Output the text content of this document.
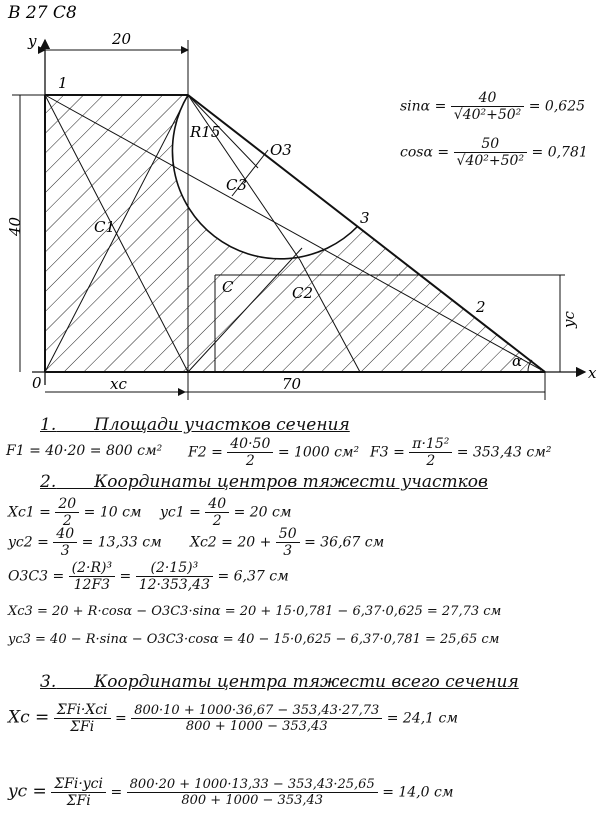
В 27 С8
y
x
0
20
40
70
xc
yc
R15
1
2
3
C1
C2
C3
O3
C
α
$\sin\alpha = \frac{40}{\text{√40²+50²}} = 0,625$
$\cos\alpha = \frac{50}{\text{√40²+50²}} = 0,781$
1. Площади участков сечения
F1 = 40·20 = 800 см² $F2 = \frac{40\cdot 50}{2} = 1000$ см² $F3 = \frac{\text{π·15²}}{2} = 353,43$ см²
2. Координаты центров тяжести участков
$Xc1 = \frac{20}{2} = 10$ см $yc1 = \frac{40}{2} = 20$ см
$yc2 = \frac{40}{3} = 13,33$ см $Xc2 = 20 + \frac{50}{3} = 36,67$ см
$O3C3 = \frac{\text{(2·R)³}}{12F3} = \frac{\text{(2·15)³}}{12\cdot 353,43} = 6,37$ см
Xc3 = 20 + R·cosα − O3C3·sinα = 20 + 15·0,781 − 6,37·0,625 = 27,73 см
yc3 = 40 − R·sinα − O3C3·cosα = 40 − 15·0,625 − 6,37·0,781 = 25,65 см
3. Координаты центра тяжести всего сечения
$Xc = \frac{\text{ΣFi·Xci}}{\text{ΣFi}} = \frac{800\cdot 10 + 1000\cdot 36,67 - 353,43\cdot 27,73}{800 + 1000 - 353,43} = 24,1$ см
yc = $\frac{\text{ΣFi·yci}}{\text{ΣFi}} = \frac{800\cdot 20 + 1000\cdot 13,33 - 353,43\cdot 25,65}{800 + 1000 - 353,43} = 14,0$ см
